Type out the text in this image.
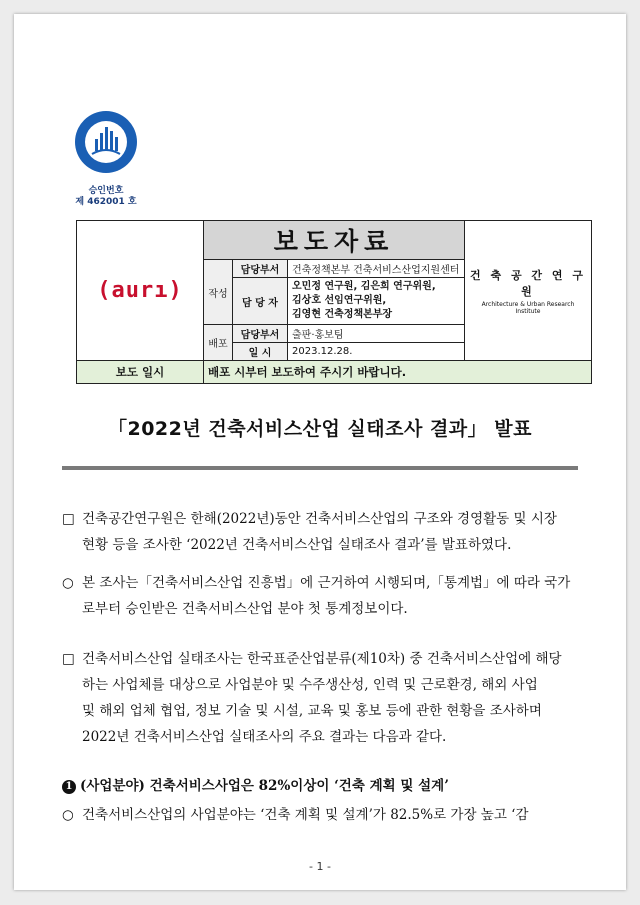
승인번호
제 462001 호
(aurı)	보도자료			건 축 공 간 연 구 원
Architecture & Urban Research Institute

	작성	담당부서	건축정책본부 건축서비스산업지원센터	
		담 당 자	오민정 연구원, 김은희 연구위원,
김상호 선임연구위원,
김영현 건축정책본부장	

	배포	담당부서	출판·홍보팀	
		일 시	2023.12.28.	
보도 일시	배포 시부터 보도하여 주시기 바랍니다.			
「2022년 건축서비스산업 실태조사 결과」 발표
□ 건축공간연구원은 한해(2022년)동안 건축서비스산업의 구조와 경영활동 및 시장
현황 등을 조사한 ‘2022년 건축서비스산업 실태조사 결과’를 발표하였다.
○ 본 조사는「건축서비스산업 진흥법」에 근거하여 시행되며,「통계법」에 따라 국가
로부터 승인받은 건축서비스산업 분야 첫 통계정보이다.
□ 건축서비스산업 실태조사는 한국표준산업분류(제10차) 중 건축서비스산업에 해당
하는 사업체를 대상으로 사업분야 및 수주생산성, 인력 및 근로환경, 해외 사업
및 해외 업체 협업, 정보 기술 및 시설, 교육 및 홍보 등에 관한 현황을 조사하며
2022년 건축서비스산업 실태조사의 주요 결과는 다음과 같다.
1 (사업분야) 건축서비스사업은 82%이상이 ‘건축 계획 및 설계’
○ 건축서비스산업의 사업분야는 ‘건축 계획 및 설계’가 82.5%로 가장 높고 ‘감
- 1 -
